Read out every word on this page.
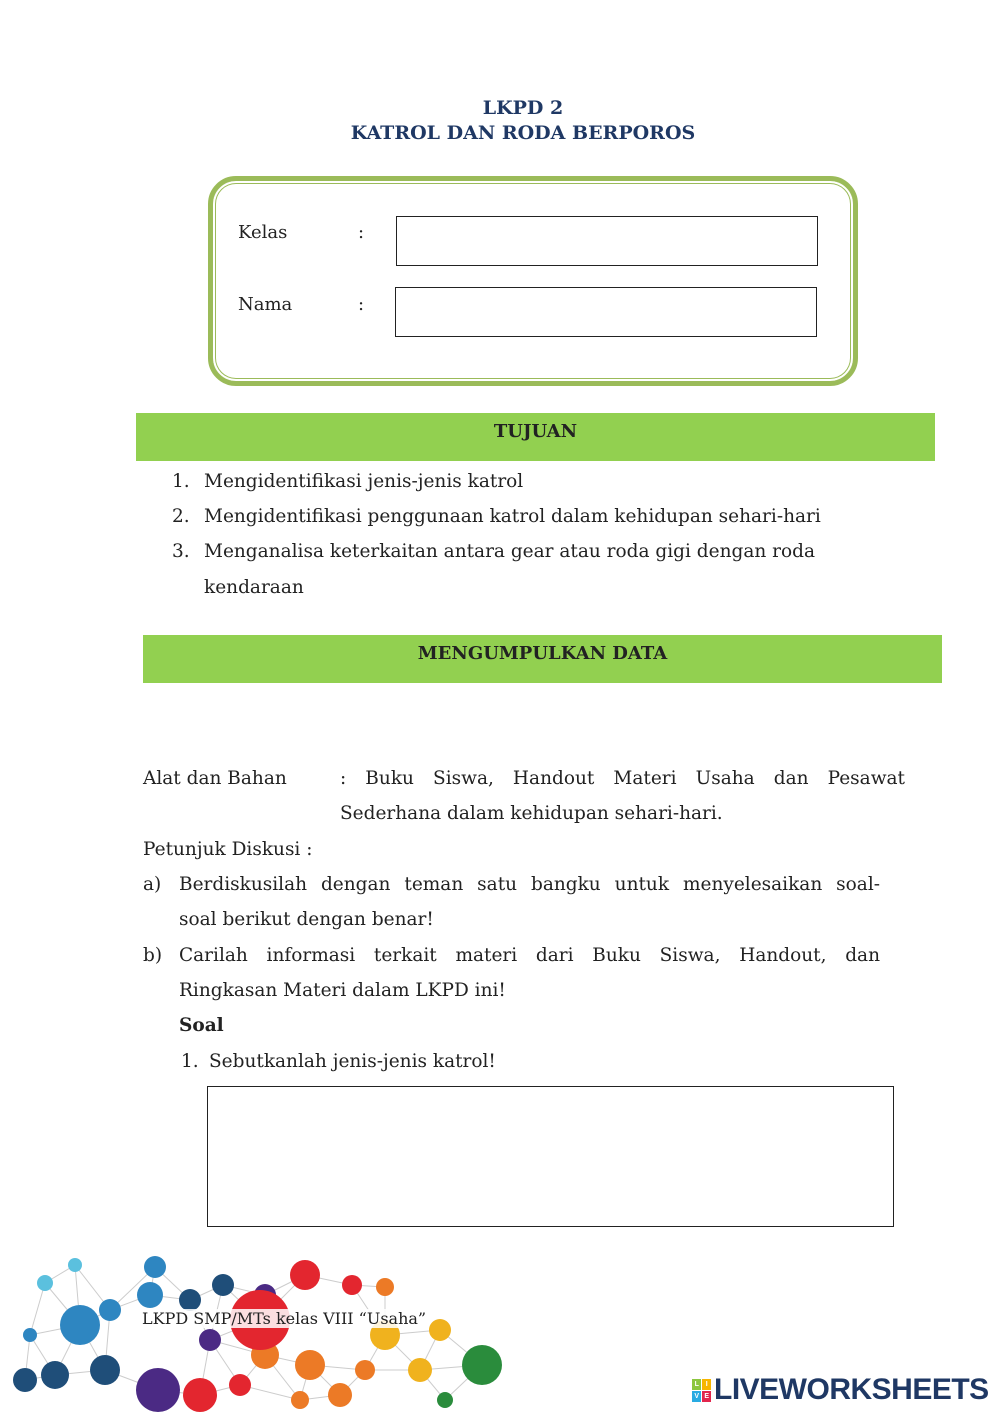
LKPD 2
KATROL DAN RODA BERPOROS
Kelas	:
Nama	:
TUJUAN
1. Mengidentifikasi jenis-jenis katrol
2. Mengidentifikasi penggunaan katrol dalam kehidupan sehari-hari
3. Menganalisa keterkaitan antara gear atau roda gigi dengan roda
kendaraan
MENGUMPULKAN DATA
Alat dan Bahan	: Buku Siswa, Handout Materi Usaha dan Pesawat
Sederhana dalam kehidupan sehari-hari.
Petunjuk Diskusi :
a) Berdiskusilah dengan teman satu bangku untuk menyelesaikan soal-
soal berikut dengan benar!
b) Carilah informasi terkait materi dari Buku Siswa, Handout, dan
Ringkasan Materi dalam LKPD ini!
Soal
1. Sebutkanlah jenis-jenis katrol!
LKPD SMP/MTs kelas VIII “Usaha”
L	I
V E LIVEWORKSHEETS
